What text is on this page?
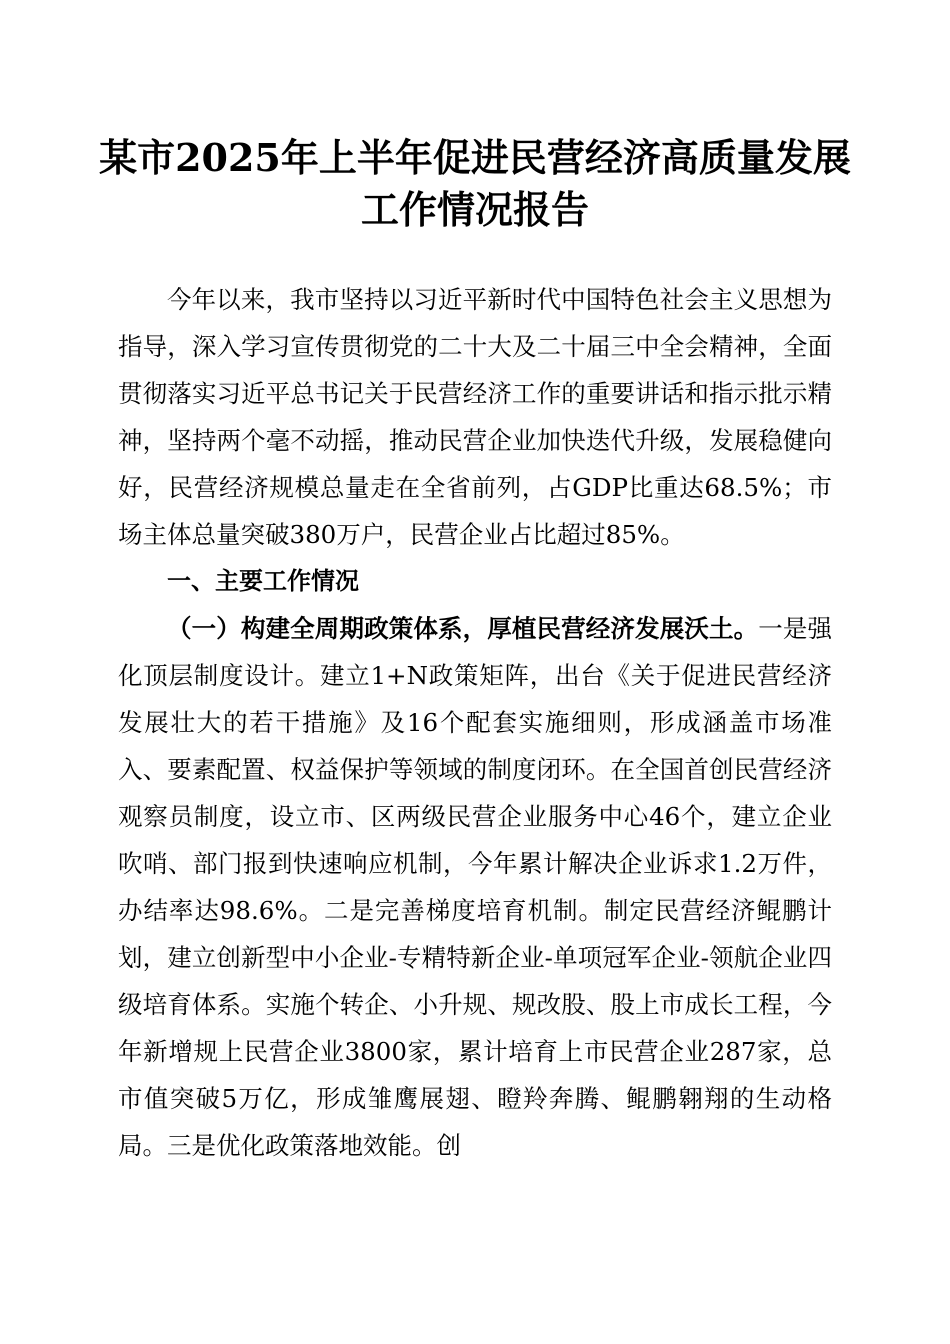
某市2025年上半年促进民营经济高质量发展
工作情况报告

今年以来，我市坚持以习近平新时代中国特色社会主义思想为指导，深入学习宣传贯彻党的二十大及二十届三中全会精神，全面贯彻落实习近平总书记关于民营经济工作的重要讲话和指示批示精神，坚持两个毫不动摇，推动民营企业加快迭代升级，发展稳健向好，民营经济规模总量走在全省前列，占GDP比重达68.5%；市场主体总量突破380万户，民营企业占比超过85%。

一、主要工作情况

（一）构建全周期政策体系，厚植民营经济发展沃土。一是强化顶层制度设计。建立1+N政策矩阵，出台《关于促进民营经济发展壮大的若干措施》及16个配套实施细则，形成涵盖市场准入、要素配置、权益保护等领域的制度闭环。在全国首创民营经济观察员制度，设立市、区两级民营企业服务中心46个，建立企业吹哨、部门报到快速响应机制，今年累计解决企业诉求1.2万件，办结率达98.6%。二是完善梯度培育机制。制定民营经济鲲鹏计划，建立创新型中小企业-专精特新企业-单项冠军企业-领航企业四级培育体系。实施个转企、小升规、规改股、股上市成长工程，今年新增规上民营企业3800家，累计培育上市民营企业287家，总市值突破5万亿，形成雏鹰展翅、瞪羚奔腾、鲲鹏翱翔的生动格局。三是优化政策落地效能。创
